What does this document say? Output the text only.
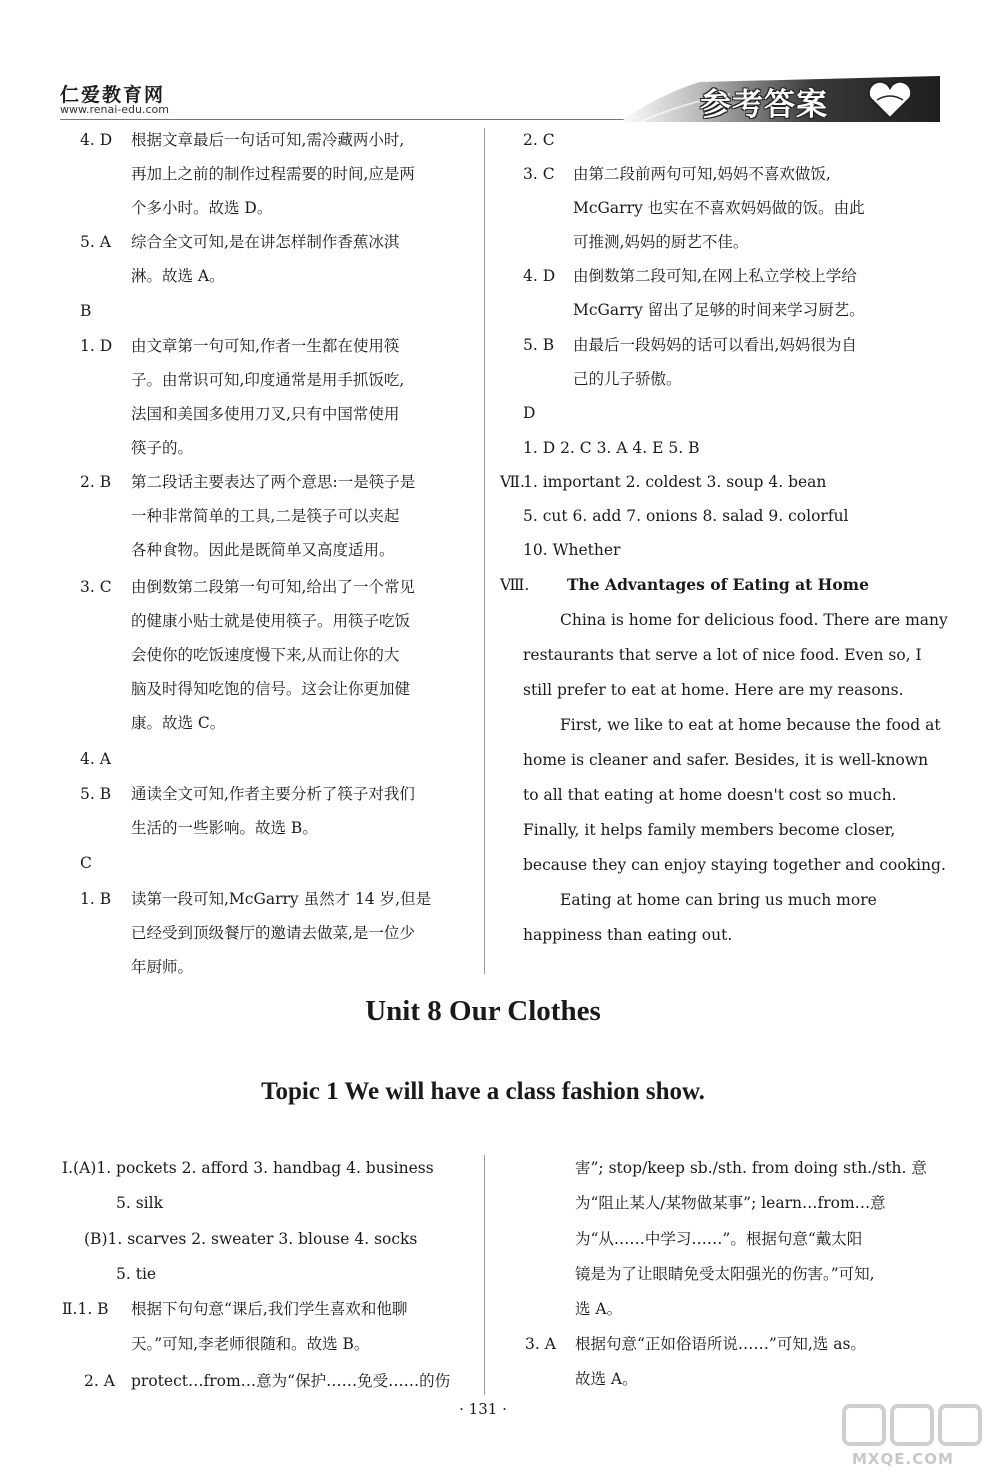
仁爱教育网
www.renai-edu.com	参考答案
4. D 根据文章最后一句话可知,需冷藏两小时,
再加上之前的制作过程需要的时间,应是两
个多小时。故选 D。
5. A 综合全文可知,是在讲怎样制作香蕉冰淇
淋。故选 A。
B
1. D 由文章第一句可知,作者一生都在使用筷
子。由常识可知,印度通常是用手抓饭吃,
法国和美国多使用刀叉,只有中国常使用
筷子的。
2. B 第二段话主要表达了两个意思:一是筷子是
一种非常简单的工具,二是筷子可以夹起
各种食物。因此是既简单又高度适用。
3. C 由倒数第二段第一句可知,给出了一个常见
的健康小贴士就是使用筷子。用筷子吃饭
会使你的吃饭速度慢下来,从而让你的大
脑及时得知吃饱的信号。这会让你更加健
康。故选 C。
4. A
5. B 通读全文可知,作者主要分析了筷子对我们
生活的一些影响。故选 B。
C
1. B 读第一段可知,McGarry 虽然才 14 岁,但是
已经受到顶级餐厅的邀请去做菜,是一位少
年厨师。
2. C
3. C 由第二段前两句可知,妈妈不喜欢做饭,
McGarry 也实在不喜欢妈妈做的饭。由此
可推测,妈妈的厨艺不佳。
4. D 由倒数第二段可知,在网上私立学校上学给
McGarry 留出了足够的时间来学习厨艺。
5. B 由最后一段妈妈的话可以看出,妈妈很为自
己的儿子骄傲。
D
1. D 2. C 3. A 4. E 5. B
Ⅶ.
1. important 2. coldest 3. soup 4. bean
5. cut 6. add 7. onions 8. salad 9. colorful
10. Whether
Ⅷ. The Advantages of Eating at Home
China is home for delicious food. There are many
restaurants that serve a lot of nice food. Even so, I
still prefer to eat at home. Here are my reasons.
First, we like to eat at home because the food at
home is cleaner and safer. Besides, it is well-known
to all that eating at home doesn't cost so much.
Finally, it helps family members become closer,
because they can enjoy staying together and cooking.
Eating at home can bring us much more
happiness than eating out.
Unit 8 Our Clothes
Topic 1 We will have a class fashion show.
Ⅰ.(A)1. pockets 2. afford 3. handbag 4. business
5. silk
(B)1. scarves 2. sweater 3. blouse 4. socks
5. tie
Ⅱ.1. B 根据下句句意“课后,我们学生喜欢和他聊
天。”可知,李老师很随和。故选 B。
2. A protect…from…意为“保护……免受……的伤
害”; stop/keep sb./sth. from doing sth./sth. 意
为“阻止某人/某物做某事”; learn…from…意
为“从……中学习……”。根据句意“戴太阳
镜是为了让眼睛免受太阳强光的伤害。”可知,
选 A。
3. A 根据句意“正如俗语所说……”可知,选 as。
故选 A。
· 131 ·
MXQE.COM
